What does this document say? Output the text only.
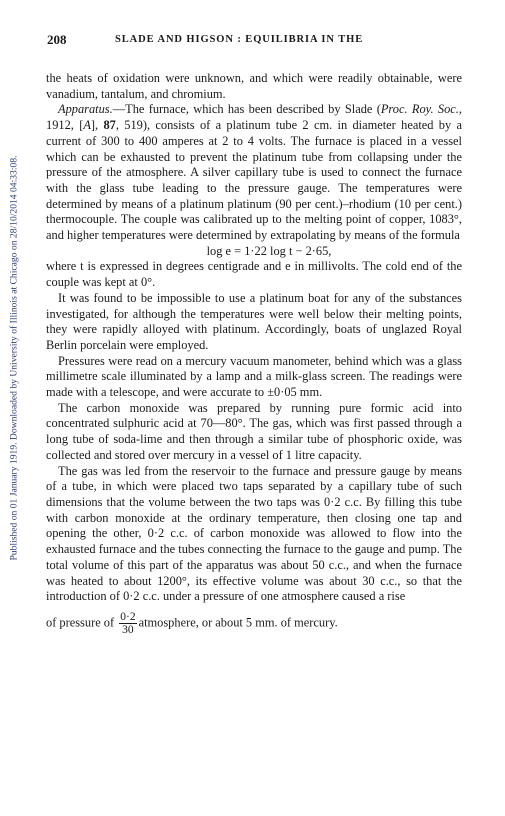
Published on 01 January 1919. Downloaded by University of Illinois at Chicago on 28/10/2014 04:33:08.
208	SLADE AND HIGSON : EQUILIBRIA IN THE

the heats of oxidation were unknown, and which were readily obtainable, were vanadium, tantalum, and chromium.

Apparatus.—The furnace, which has been described by Slade (Proc. Roy. Soc., 1912, [A], 87, 519), consists of a platinum tube 2 cm. in diameter heated by a current of 300 to 400 amperes at 2 to 4 volts. The furnace is placed in a vessel which can be exhausted to prevent the platinum tube from collapsing under the pressure of the atmosphere. A silver capillary tube is used to connect the furnace with the glass tube leading to the pressure gauge. The temperatures were determined by means of a platinum platinum (90 per cent.)–rhodium (10 per cent.) thermocouple. The couple was calibrated up to the melting point of copper, 1083°, and higher temperatures were determined by extrapolating by means of the formula

log e = 1·22 log t − 2·65,

where t is expressed in degrees centigrade and e in millivolts. The cold end of the couple was kept at 0°.

It was found to be impossible to use a platinum boat for any of the substances investigated, for although the temperatures were well below their melting points, they were rapidly alloyed with platinum. Accordingly, boats of unglazed Royal Berlin porcelain were employed.

Pressures were read on a mercury vacuum manometer, behind which was a glass millimetre scale illuminated by a lamp and a milk-glass screen. The readings were made with a telescope, and were accurate to ±0·05 mm.

The carbon monoxide was prepared by running pure formic acid into concentrated sulphuric acid at 70—80°. The gas, which was first passed through a long tube of soda-lime and then through a similar tube of phosphoric oxide, was collected and stored over mercury in a vessel of 1 litre capacity.

The gas was led from the reservoir to the furnace and pressure gauge by means of a tube, in which were placed two taps separated by a capillary tube of such dimensions that the volume between the two taps was 0·2 c.c. By filling this tube with carbon monoxide at the ordinary temperature, then closing one tap and opening the other, 0·2 c.c. of carbon monoxide was allowed to flow into the exhausted furnace and the tubes connecting the furnace to the gauge and pump. The total volume of this part of the apparatus was about 50 c.c., and when the furnace was heated to about 1200°, its effective volume was about 30 c.c., so that the introduction of 0·2 c.c. under a pressure of one atmosphere caused a rise

of pressure of $\frac{0\cdot 2}{30}$ atmosphere, or about 5 mm. of mercury.
